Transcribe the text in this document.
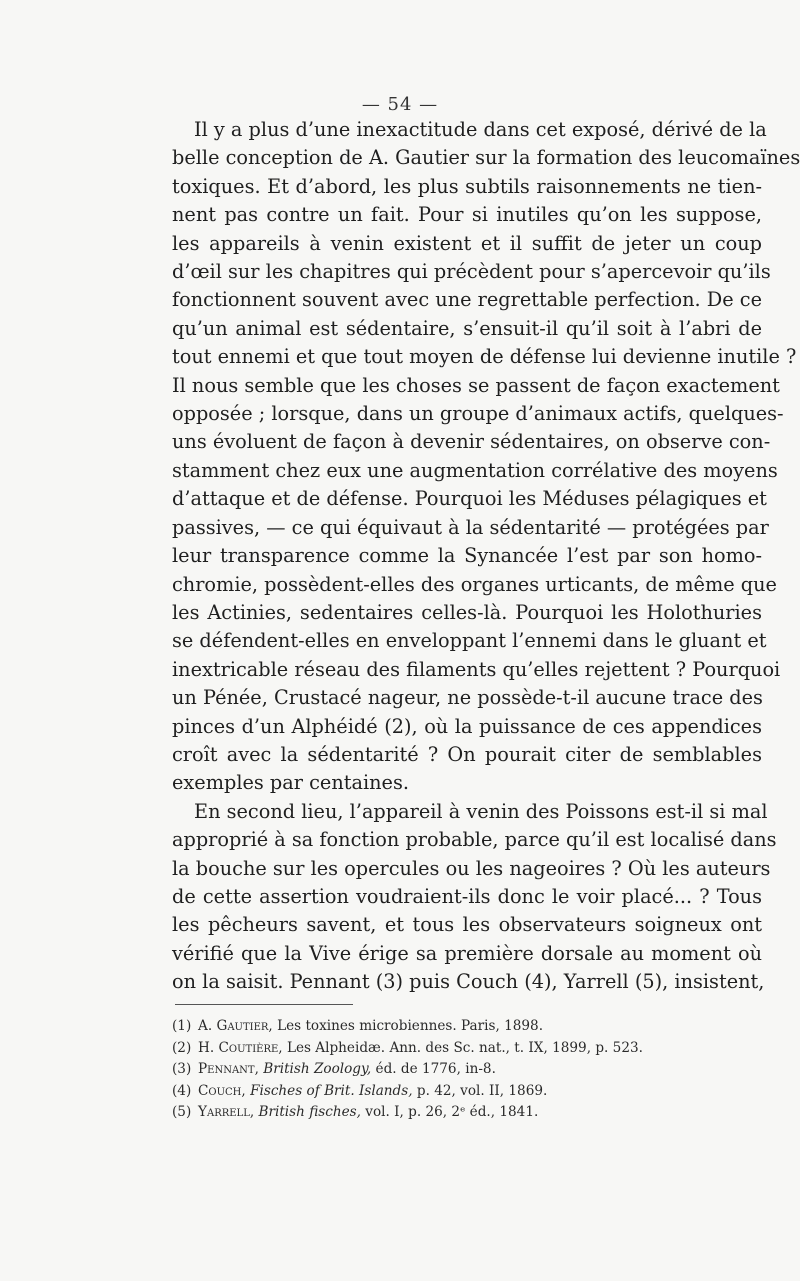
— 54 —

Il y a plus d’une inexactitude dans cet exposé, dérivé de la
belle conception de A. Gautier sur la formation des leucomaïnes
toxiques. Et d’abord, les plus subtils raisonnements ne tien-
nent pas contre un fait. Pour si inutiles qu’on les suppose,
les appareils à venin existent et il suffit de jeter un coup
d’œil sur les chapitres qui précèdent pour s’apercevoir qu’ils
fonctionnent souvent avec une regrettable perfection. De ce
qu’un animal est sédentaire, s’ensuit-il qu’il soit à l’abri de
tout ennemi et que tout moyen de défense lui devienne inutile ?
Il nous semble que les choses se passent de façon exactement
opposée ; lorsque, dans un groupe d’animaux actifs, quelques-
uns évoluent de façon à devenir sédentaires, on observe con-
stamment chez eux une augmentation corrélative des moyens
d’attaque et de défense. Pourquoi les Méduses pélagiques et
passives, — ce qui équivaut à la sédentarité — protégées par
leur transparence comme la Synancée l’est par son homo-
chromie, possèdent-elles des organes urticants, de même que
les Actinies, sedentaires celles-là. Pourquoi les Holothuries
se défendent-elles en enveloppant l’ennemi dans le gluant et
inextricable réseau des filaments qu’elles rejettent ? Pourquoi
un Pénée, Crustacé nageur, ne possède-t-il aucune trace des
pinces d’un Alphéidé (2), où la puissance de ces appendices
croît avec la sédentarité ? On pourait citer de semblables
exemples par centaines.

En second lieu, l’appareil à venin des Poissons est-il si mal
approprié à sa fonction probable, parce qu’il est localisé dans
la bouche sur les opercules ou les nageoires ? Où les auteurs
de cette assertion voudraient-ils donc le voir placé... ? Tous
les pêcheurs savent, et tous les observateurs soigneux ont
vérifié que la Vive érige sa première dorsale au moment où
on la saisit. Pennant (3) puis Couch (4), Yarrell (5), insistent,

(1) A. Gautier, Les toxines microbiennes. Paris, 1898.
(2) H. Coutière, Les Alpheidæ. Ann. des Sc. nat., t. IX, 1899, p. 523.
(3) Pennant, British Zoology, éd. de 1776, in-8.
(4) Couch, Fisches of Brit. Islands, p. 42, vol. II, 1869.
(5) Yarrell, British fisches, vol. I, p. 26, 2ᵉ éd., 1841.
